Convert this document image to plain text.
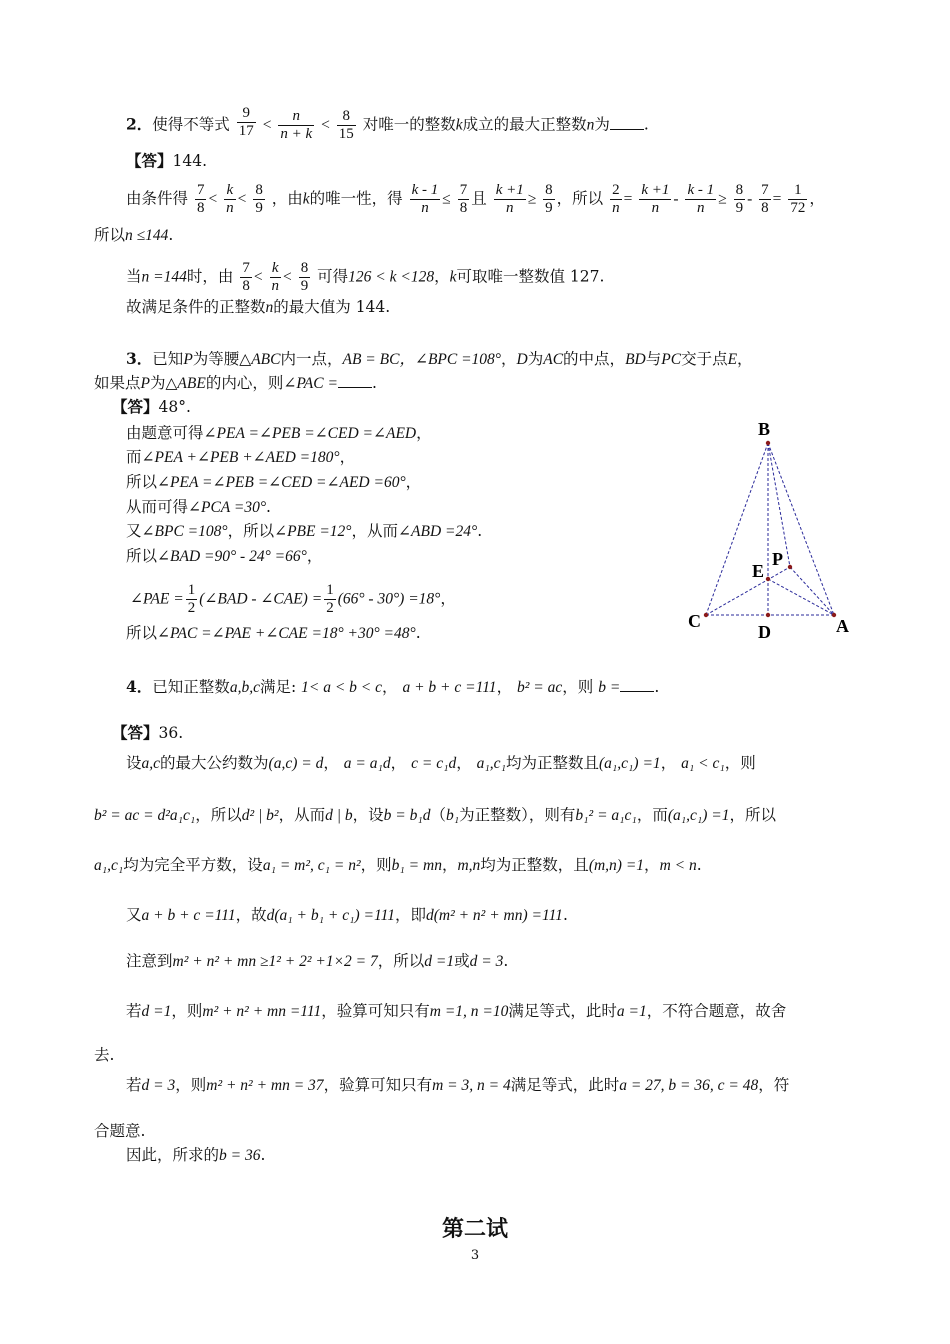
2．使得不等式 $\frac{9}{17} < \frac{n}{n + k} < \frac{8}{15}$ 对唯一的整数k成立的最大正整数n为 .
【答】144.
由条件得 $\frac{7}{8} < \frac{k}{n} < \frac{8}{9}$ ，由k的唯一性，得 $\frac{k - 1}{n} \le \frac{7}{8}$ 且 $\frac{k +1}{n} \ge \frac{8}{9}$ ，所以 $\frac{2}{n} = \frac{k +1}{n} - \frac{k - 1}{n} \ge \frac{8}{9} - \frac{7}{8} = \frac{1}{72}$ ，
所以n ≤144.
当n =144时，由 $\frac{7}{8} < \frac{k}{n} < \frac{8}{9}$ 可得126 < k <128，k可取唯一整数值 127.
故满足条件的正整数n的最大值为 144.
3．已知P为等腰△ABC内一点，AB = BC，∠BPC =108°，D为AC的中点，BD与PC交于点E，
如果点P为△ABE的内心，则∠PAC = .
【答】48°.
由题意可得∠PEA =∠PEB =∠CED =∠AED，
而∠PEA +∠PEB +∠AED =180°，
所以∠PEA =∠PEB =∠CED =∠AED =60°，
从而可得∠PCA =30°.
又∠BPC =108°，所以∠PBE =12°，从而∠ABD =24°.
所以∠BAD =90° - 24° =66°，
∠PAE = $\frac{1}{2}$ (∠BAD - ∠CAE) = $\frac{1}{2} (66^\circ - 30^\circ) =18^\circ$，
所以∠PAC =∠PAE +∠CAE =18° +30° =48°.
B
P
E
C
D	A
4．已知正整数a,b,c满足: 1< a < b < c， a + b + c =111， b² = ac，则 b = .
【答】36.
设a,c的最大公约数为(a,c) = d， a = a₁d， c = c₁d， a₁,c₁均为正整数且(a₁,c₁) =1， a₁ < c₁，则
b² = ac = d²a₁c₁，所以d² | b²，从而d | b，设b = b₁d（b₁为正整数），则有b₁² = a₁c₁，而(a₁,c₁) =1，所以
a₁,c₁均为完全平方数，设a₁ = m², c₁ = n²，则b₁ = mn，m,n均为正整数，且(m,n) =1，m < n.
又a + b + c =111，故d(a₁ + b₁ + c₁) =111，即d(m² + n² + mn) =111.
注意到m² + n² + mn ≥1² + 2² +1×2 = 7，所以d =1或d = 3.
若d =1，则m² + n² + mn =111，验算可知只有m =1, n =10满足等式，此时a =1，不符合题意，故舍
去.
若d = 3，则m² + n² + mn = 37，验算可知只有m = 3, n = 4满足等式，此时a = 27, b = 36, c = 48，符
合题意.
因此，所求的b = 36.
第二试
3
